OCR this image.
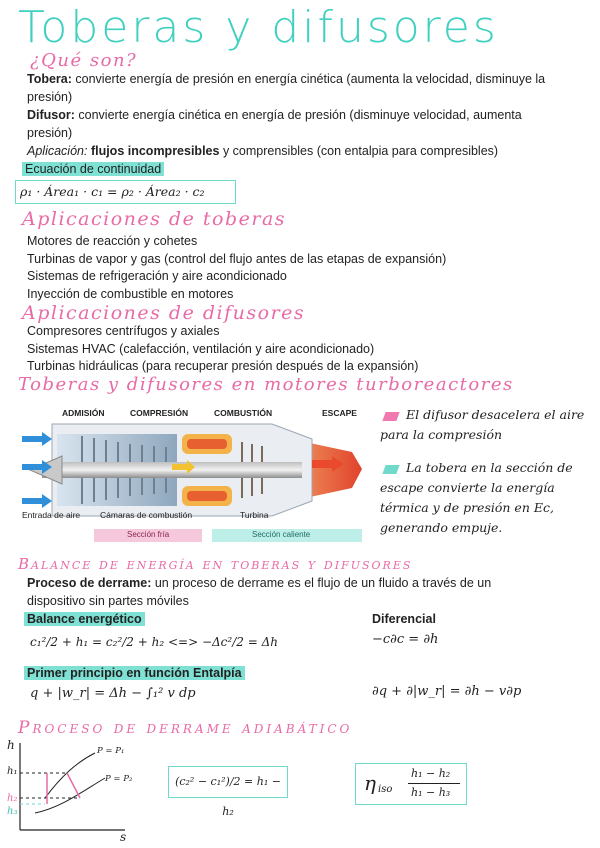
Toberas y difusores
¿Qué son?
Tobera: convierte energía de presión en energía cinética (aumenta la velocidad, disminuye la presión)
Difusor: convierte energía cinética en energía de presión (disminuye velocidad, aumenta presión)
Aplicación: flujos incompresibles y comprensibles (con entalpia para compresibles)
Ecuación de continuidad
ρ₁ · Área₁ · c₁ = ρ₂ · Área₂ · c₂
Aplicaciones de toberas
Motores de reacción y cohetes
Turbinas de vapor y gas (control del flujo antes de las etapas de expansión)
Sistemas de refrigeración y aire acondicionado
Inyección de combustible en motores
Aplicaciones de difusores
Compresores centrífugos y axiales
Sistemas HVAC (calefacción, ventilación y aire acondicionado)
Turbinas hidráulicas (para recuperar presión después de la expansión)
Toberas y difusores en motores turboreactores
ADMISIÓN	COMPRESIÓN	COMBUSTIÓN	ESCAPE
Entrada de aire Cámaras de combustión	Turbina
Sección fría	Sección caliente
El difusor desacelera el aire para la compresión
La tobera en la sección de escape convierte la energía térmica y de presión en Ec, generando empuje.
Balance de energía en toberas y difusores
Proceso de derrame: un proceso de derrame es el flujo de un fluido a través de un dispositivo sin partes móviles
Balance energético
c₁²/2 + h₁ = c₂²/2 + h₂ <=> −Δc²/2 = Δh
Diferencial
−c∂c = ∂h
Primer principio en función Entalpía
q + |w_r| = Δh − ∫₁² v dp	∂q + ∂|w_r| = ∂h − v∂p
Proceso de derrame adiabático
h
s
h₁
h₂
h₃
P = P₁
P = P₂	(c₂² − c₁²)/2 = h₁ − h₂
η iso
h₁ − h₂
h₁ − h₃
